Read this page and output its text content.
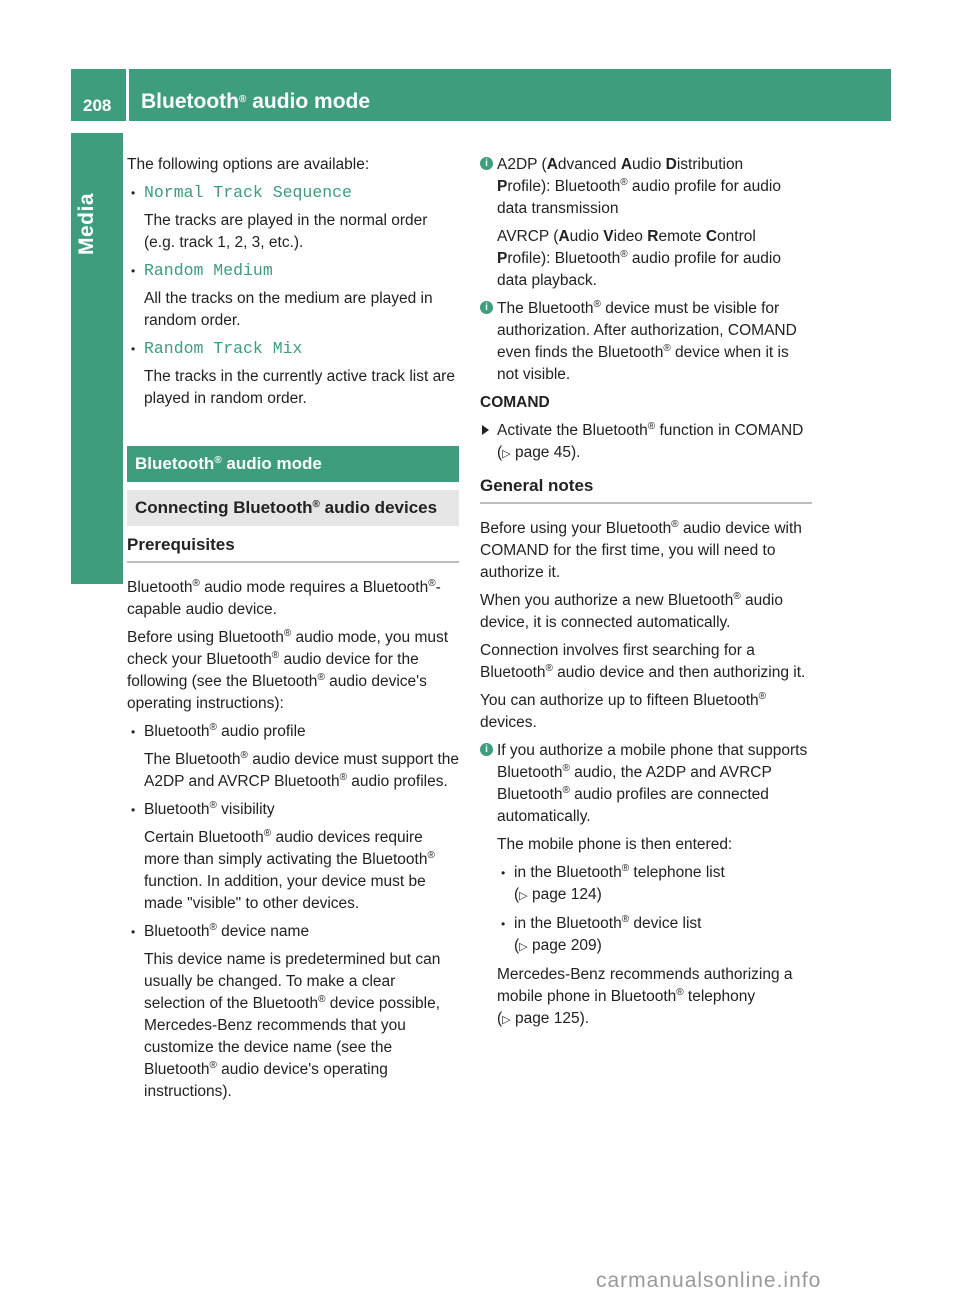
208 Bluetooth® audio mode
Media

The following options are available:

• Normal Track Sequence

The tracks are played in the normal order (e.g. track 1, 2, 3, etc.).

• Random Medium

All the tracks on the medium are played in random order.

• Random Track Mix

The tracks in the currently active track list are played in random order.

Bluetooth® audio mode
Connecting Bluetooth® audio devices
Prerequisites

Bluetooth® audio mode requires a Bluetooth®-capable audio device.

Before using Bluetooth® audio mode, you must check your Bluetooth® audio device for the following (see the Bluetooth® audio device's operating instructions):

• Bluetooth® audio profile

The Bluetooth® audio device must support the A2DP and AVRCP Bluetooth® audio profiles.

• Bluetooth® visibility

Certain Bluetooth® audio devices require more than simply activating the Bluetooth® function. In addition, your device must be made "visible" to other devices.

• Bluetooth® device name

This device name is predetermined but can usually be changed. To make a clear selection of the Bluetooth® device possible, Mercedes-Benz recommends that you customize the device name (see the Bluetooth® audio device's operating instructions).

i A2DP (Advanced Audio Distribution
Profile): Bluetooth® audio profile for audio data transmission

AVRCP (Audio Video Remote Control
Profile): Bluetooth® audio profile for audio data playback.

i The Bluetooth® device must be visible for authorization. After authorization, COMAND even finds the Bluetooth® device when it is not visible.

COMAND

Activate the Bluetooth® function in COMAND (▷ page 45).
General notes

Before using your Bluetooth® audio device with COMAND for the first time, you will need to authorize it.

When you authorize a new Bluetooth® audio device, it is connected automatically.

Connection involves first searching for a Bluetooth® audio device and then authorizing it.

You can authorize up to fifteen Bluetooth® devices.

i If you authorize a mobile phone that supports Bluetooth® audio, the A2DP and AVRCP Bluetooth® audio profiles are connected automatically.

The mobile phone is then entered:

• in the Bluetooth® telephone list
(▷ page 124)
• in the Bluetooth® device list
(▷ page 209)

Mercedes-Benz recommends authorizing a mobile phone in Bluetooth® telephony
(▷ page 125).

carmanualsonline.info
